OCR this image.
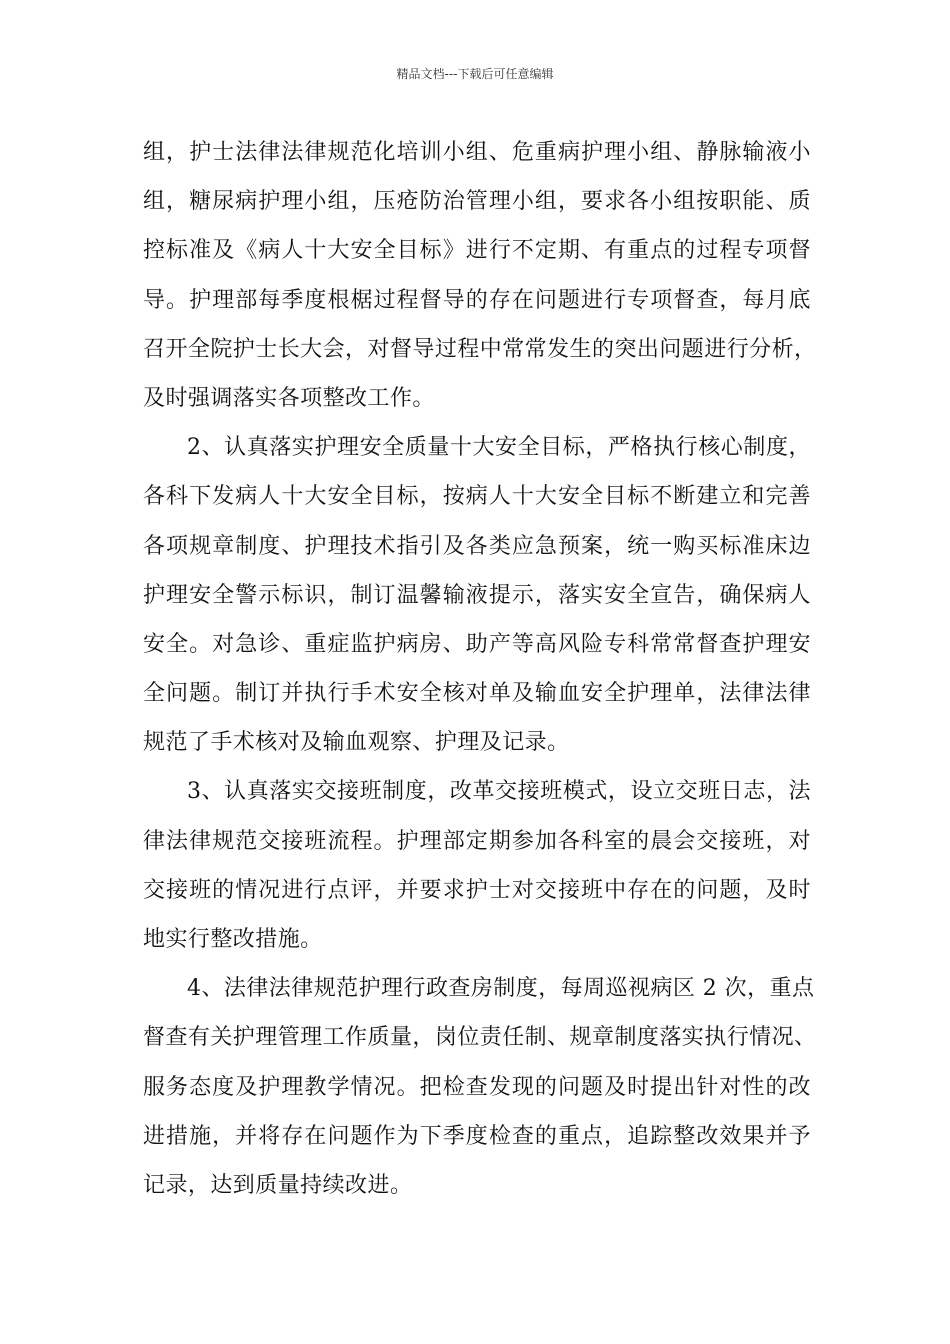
精品文档---下载后可任意编辑
组，护士法律法律规范化培训小组、危重病护理小组、静脉输液小
组，糖尿病护理小组，压疮防治管理小组，要求各小组按职能、质
控标准及《病人十大安全目标》进行不定期、有重点的过程专项督
导。护理部每季度根椐过程督导的存在问题进行专项督查，每月底
召开全院护士长大会，对督导过程中常常发生的突出问题进行分析，
及时强调落实各项整改工作。
2、认真落实护理安全质量十大安全目标，严格执行核心制度，
各科下发病人十大安全目标，按病人十大安全目标不断建立和完善
各项规章制度、护理技术指引及各类应急预案，统一购买标准床边
护理安全警示标识，制订温馨输液提示，落实安全宣告，确保病人
安全。对急诊、重症监护病房、助产等高风险专科常常督查护理安
全问题。制订并执行手术安全核对单及输血安全护理单，法律法律
规范了手术核对及输血观察、护理及记录。
3、认真落实交接班制度，改革交接班模式，设立交班日志，法
律法律规范交接班流程。护理部定期参加各科室的晨会交接班，对
交接班的情况进行点评，并要求护士对交接班中存在的问题，及时
地实行整改措施。
4、法律法律规范护理行政查房制度，每周巡视病区 2 次，重点
督查有关护理管理工作质量，岗位责任制、规章制度落实执行情况、
服务态度及护理教学情况。把检查发现的问题及时提出针对性的改
进措施，并将存在问题作为下季度检查的重点，追踪整改效果并予
记录，达到质量持续改进。
